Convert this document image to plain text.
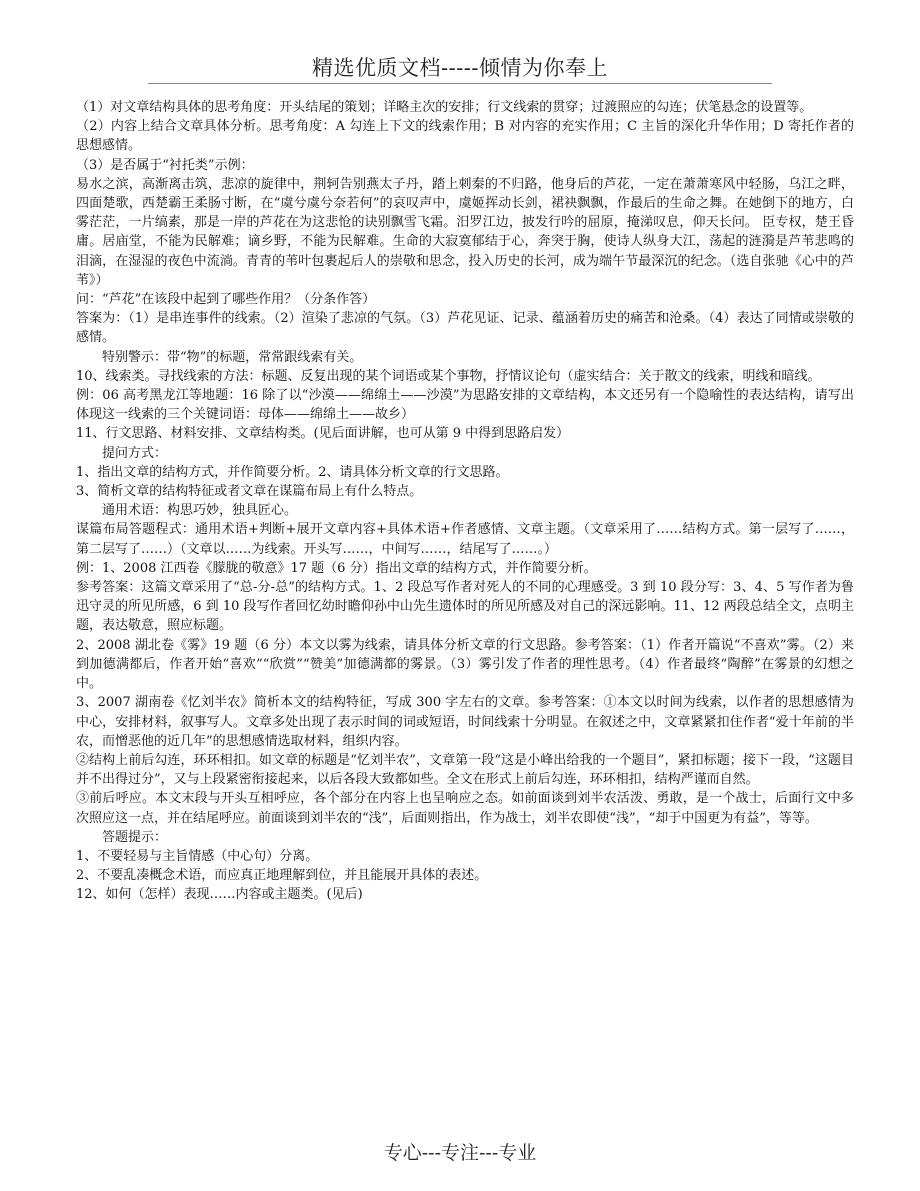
精选优质文档-----倾情为你奉上

（1）对文章结构具体的思考角度：开头结尾的策划；详略主次的安排；行文线索的贯穿；过渡照应的勾连；伏笔悬念的设置等。

（2）内容上结合文章具体分析。思考角度：A 勾连上下文的线索作用；B 对内容的充实作用；C 主旨的深化升华作用；D 寄托作者的思想感情。

（3）是否属于“衬托类”示例：

易水之滨，高渐离击筑，悲凉的旋律中，荆轲告别燕太子丹，踏上刺秦的不归路，他身后的芦花，一定在萧萧寒风中轻肠，乌江之畔，四面楚歌，西楚霸王柔肠寸断，在“虞兮虞兮奈若何”的哀叹声中，虞姬挥动长剑，裙袂飘飘，作最后的生命之舞。在她倒下的地方，白雾茫茫，一片缟素，那是一岸的芦花在为这悲怆的诀别飘雪飞霜。汨罗江边，披发行吟的屈原，掩涕叹息，仰天长问。 臣专权，楚王昏庸。居庙堂，不能为民解难；谪乡野，不能为民解难。生命的大寂寞郁结于心，奔突于胸，使诗人纵身大江，荡起的涟漪是芦苇悲鸣的泪滴，在湿湿的夜色中流淌。青青的苇叶包裹起后人的崇敬和思念，投入历史的长河，成为端午节最深沉的纪念。（选自张驰《心中的芦苇》）

问：“芦花”在该段中起到了哪些作用？（分条作答）

答案为：（1）是串连事件的线索。（2）渲染了悲凉的气氛。（3）芦花见证、记录、蕴涵着历史的痛苦和沧桑。（4）表达了同情或崇敬的感情。

特别警示：带“物”的标题，常常跟线索有关。

10、线索类。寻找线索的方法：标题、反复出现的某个词语或某个事物，抒情议论句（虚实结合：关于散文的线索，明线和暗线。

例：06 高考黑龙江等地题：16 除了以“沙漠——绵绵土——沙漠”为思路安排的文章结构，本文还另有一个隐喻性的表达结构，请写出体现这一线索的三个关键词语：母体——绵绵土——故乡）

11、行文思路、材料安排、文章结构类。(见后面讲解，也可从第 9 中得到思路启发）

提问方式：

1、指出文章的结构方式，并作简要分析。2、请具体分析文章的行文思路。

3、简析文章的结构特征或者文章在谋篇布局上有什么特点。

通用术语：构思巧妙，独具匠心。

谋篇布局答题程式：通用术语+判断+展开文章内容+具体术语+作者感情、文章主题。（文章采用了……结构方式。第一层写了……，第二层写了……）（文章以……为线索。开头写……，中间写……，结尾写了……。）

例：1、2008 江西卷《朦胧的敬意》17 题（6 分）指出文章的结构方式，并作简要分析。

参考答案：这篇文章采用了“总-分-总”的结构方式。1、2 段总写作者对死人的不同的心理感受。3 到 10 段分写：3、4、5 写作者为鲁迅守灵的所见所感，6 到 10 段写作者回忆幼时瞻仰孙中山先生遗体时的所见所感及对自己的深远影响。11、12 两段总结全文，点明主题，表达敬意，照应标题。

2、2008 湖北卷《雾》19 题（6 分）本文以雾为线索，请具体分析文章的行文思路。参考答案：（1）作者开篇说“不喜欢”雾。（2）来到加德满都后，作者开始“喜欢”“欣赏”“赞美”加德满都的雾景。（3）雾引发了作者的理性思考。（4）作者最终“陶醉”在雾景的幻想之中。

3、2007 湖南卷《忆刘半农》简析本文的结构特征，写成 300 字左右的文章。参考答案：①本文以时间为线索，以作者的思想感情为中心，安排材料，叙事写人。文章多处出现了表示时间的词或短语，时间线索十分明显。在叙述之中，文章紧紧扣住作者“爱十年前的半农，而憎恶他的近几年”的思想感情选取材料，组织内容。

②结构上前后勾连，环环相扣。如文章的标题是“忆刘半农”，文章第一段“这是小峰出给我的一个题目”，紧扣标题；接下一段，“这题目并不出得过分”，又与上段紧密衔接起来，以后各段大致都如些。全文在形式上前后勾连，环环相扣，结构严谨而自然。

③前后呼应。本文末段与开头互相呼应，各个部分在内容上也呈响应之态。如前面谈到刘半农活泼、勇敢，是一个战士，后面行文中多次照应这一点，并在结尾呼应。前面谈到刘半农的“浅”，后面则指出，作为战士，刘半农即使“浅”，“却于中国更为有益”，等等。

答题提示：

1、不要轻易与主旨情感（中心句）分离。

2、不要乱凑概念术语，而应真正地理解到位，并且能展开具体的表述。

12、如何（怎样）表现……内容或主题类。(见后)

专心---专注---专业
